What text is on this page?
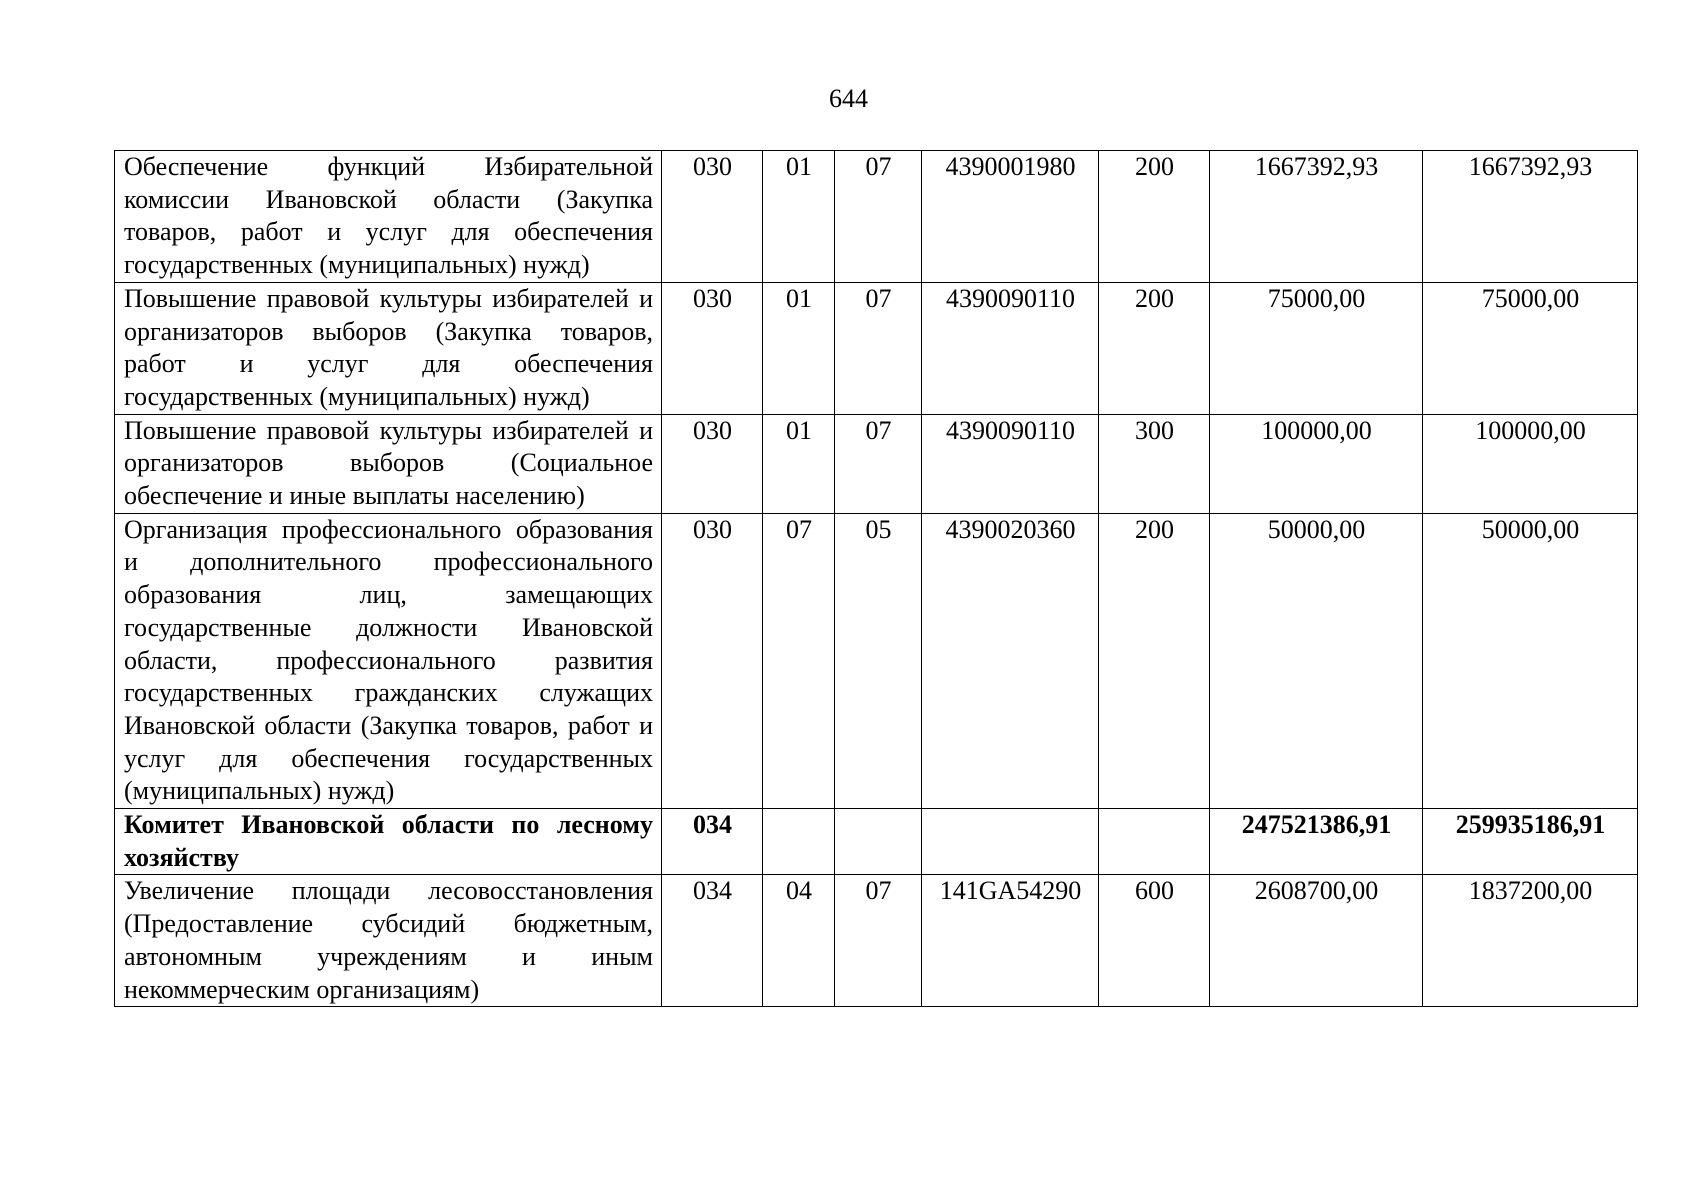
644
Обеспечение функций Избирательной комиссии Ивановской области (Закупка товаров, работ и услуг для обеспечения государственных (муниципальных) нужд)	030	01	07	4390001980	200	1667392,93	1667392,93
Повышение правовой культуры избирателей и организаторов выборов (Закупка товаров, работ и услуг для обеспечения государственных (муниципальных) нужд)	030	01	07	4390090110	200	75000,00	75000,00
Повышение правовой культуры избирателей и организаторов выборов (Социальное обеспечение и иные выплаты населению)	030	01	07	4390090110	300	100000,00	100000,00
Организация профессионального образования и дополнительного профессионального образования лиц, замещающих государственные должности Ивановской области, профессионального развития государственных гражданских служащих Ивановской области (Закупка товаров, работ и услуг для обеспечения государственных (муниципальных) нужд)	030	07	05	4390020360	200	50000,00	50000,00
Комитет Ивановской области по лесному хозяйству	034					247521386,91	259935186,91
Увеличение площади лесовосстановления (Предоставление субсидий бюджетным, автономным учреждениям и иным некоммерческим организациям)	034	04	07	141GA54290	600	2608700,00	1837200,00
